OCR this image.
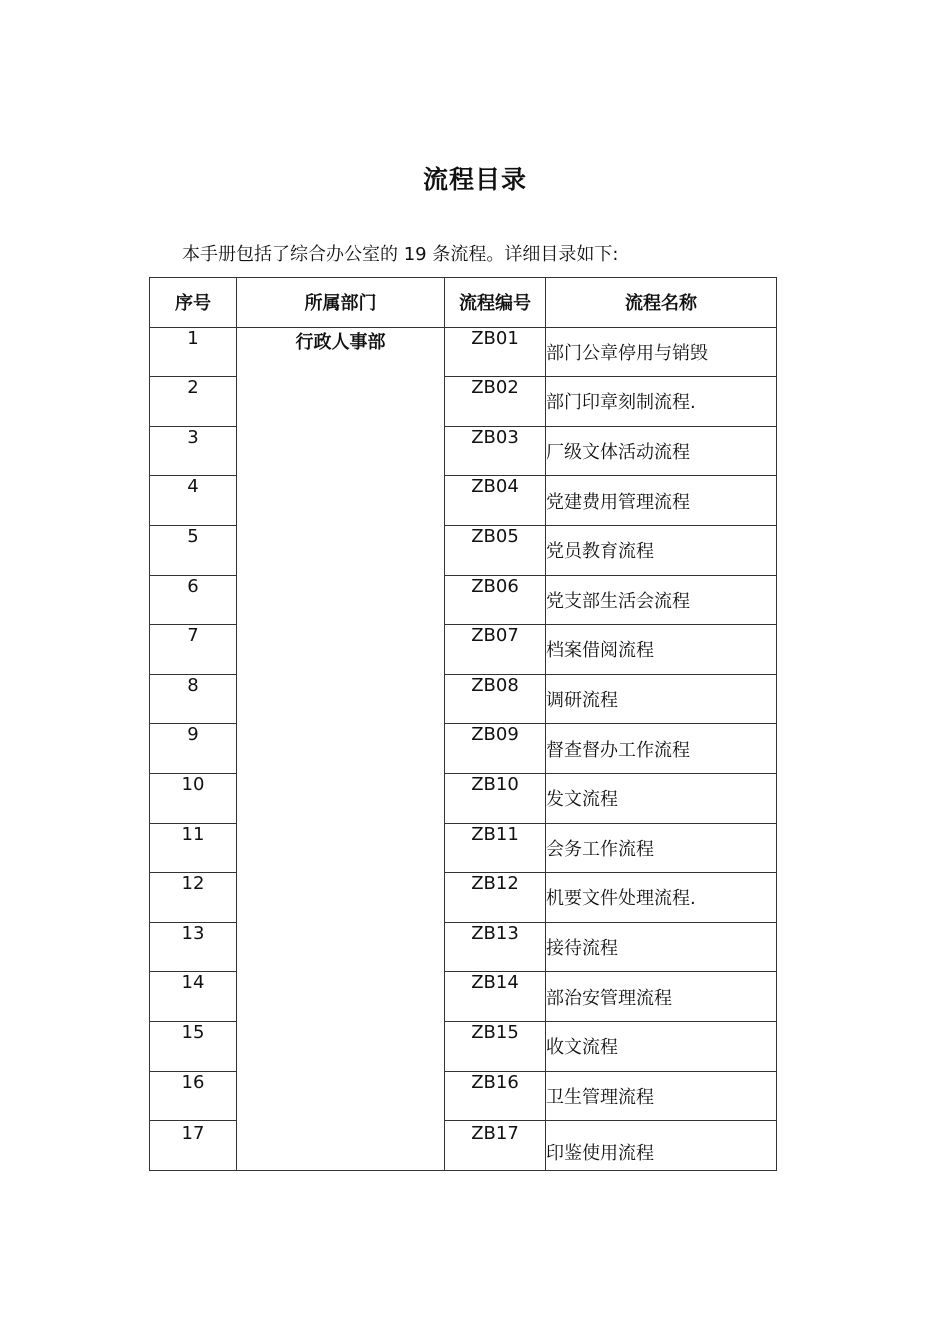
流程目录
本手册包括了综合办公室的 19 条流程。详细目录如下:
序号	所属部门	流程编号	流程名称
1	行政人事部	ZB01	部门公章停用与销毁
2		ZB02	部门印章刻制流程.
3		ZB03	厂级文体活动流程
4		ZB04	党建费用管理流程
5		ZB05	党员教育流程
6		ZB06	党支部生活会流程
7		ZB07	档案借阅流程
8		ZB08	调研流程
9		ZB09	督查督办工作流程
10		ZB10	发文流程
11		ZB11	会务工作流程
12		ZB12	机要文件处理流程.
13		ZB13	接待流程
14		ZB14	部治安管理流程
15		ZB15	收文流程
16		ZB16	卫生管理流程
17		ZB17	印鉴使用流程
